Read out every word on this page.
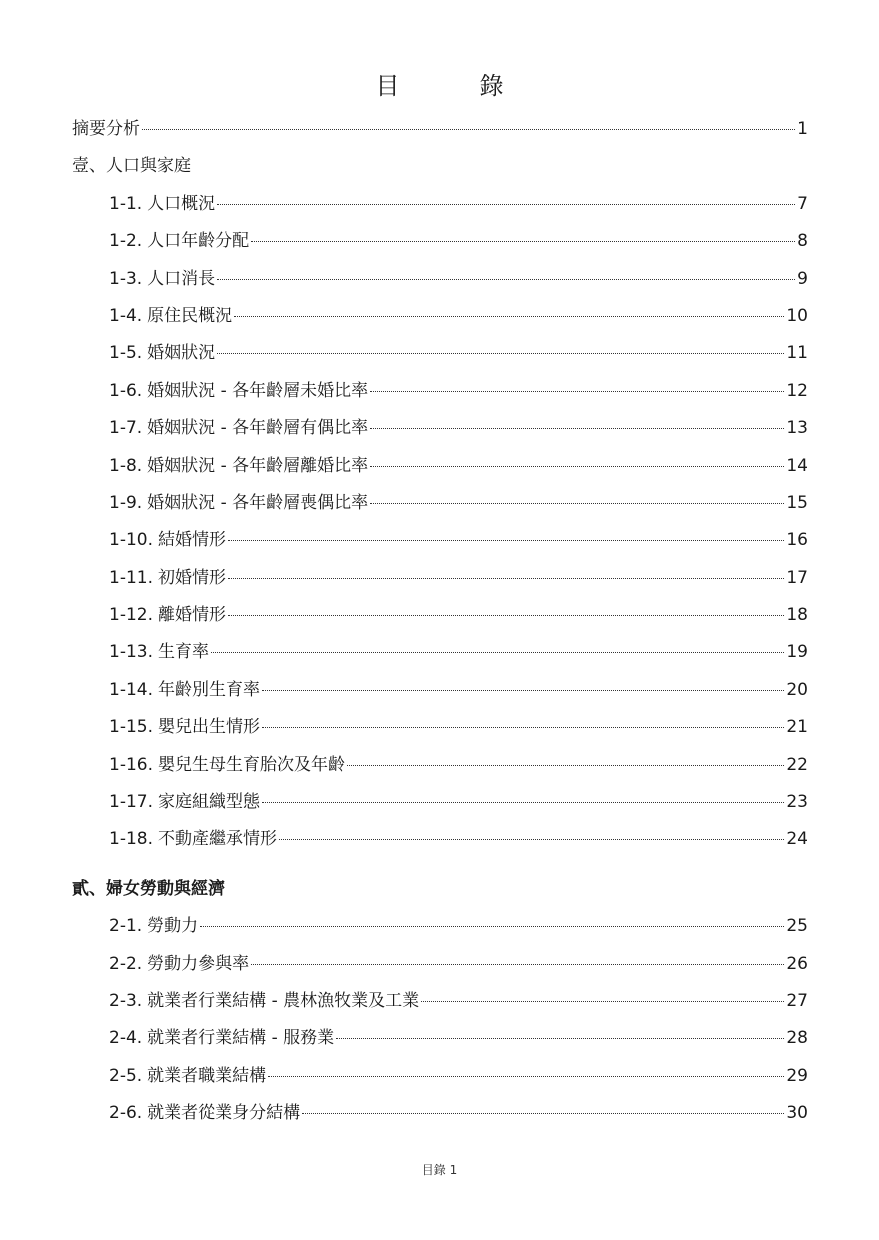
目錄
摘要分析	1
壹、人口與家庭
1-1. 人口概況	7
1-2. 人口年齡分配	8
1-3. 人口消長	9
1-4. 原住民概況	10
1-5. 婚姻狀況	11
1-6. 婚姻狀況 - 各年齡層未婚比率	12
1-7. 婚姻狀況 - 各年齡層有偶比率	13
1-8. 婚姻狀況 - 各年齡層離婚比率	14
1-9. 婚姻狀況 - 各年齡層喪偶比率	15
1-10. 結婚情形	16
1-11. 初婚情形	17
1-12. 離婚情形	18
1-13. 生育率	19
1-14. 年齡別生育率	20
1-15. 嬰兒出生情形	21
1-16. 嬰兒生母生育胎次及年齡	22
1-17. 家庭組織型態	23
1-18. 不動產繼承情形	24
貳、婦女勞動與經濟
2-1. 勞動力	25
2-2. 勞動力參與率	26
2-3. 就業者行業結構 - 農林漁牧業及工業	27
2-4. 就業者行業結構 - 服務業	28
2-5. 就業者職業結構	29
2-6. 就業者從業身分結構	30
目錄 1
